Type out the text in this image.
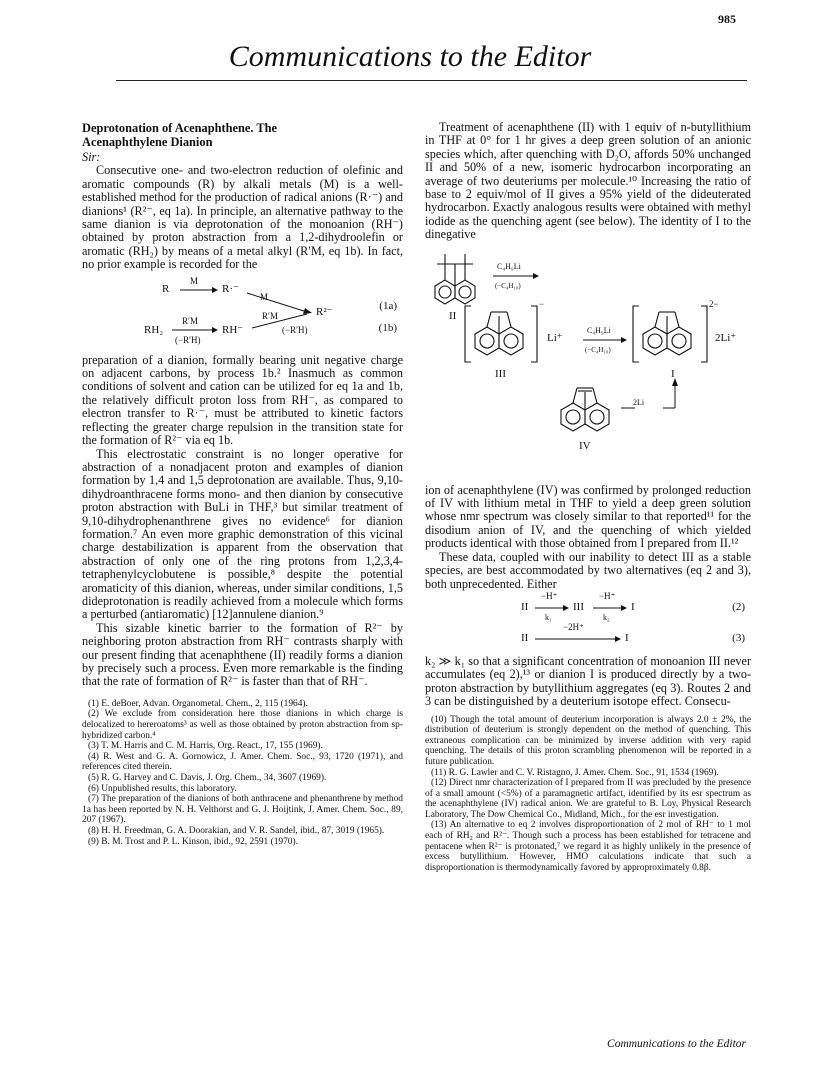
985
Communications to the Editor
Deprotonation of Acenaphthene. The
Acenaphthylene Dianion
Sir:

Consecutive one- and two-electron reduction of olefinic and aromatic compounds (R) by alkali metals (M) is a well-established method for the production of radical anions (R·⁻) and dianions¹ (R²⁻, eq 1a). In principle, an alternative pathway to the same dianion is via deprotonation of the monoanion (RH⁻) obtained by proton abstraction from a 1,2-dihydroolefin or aromatic (RH₂) by means of a metal alkyl (R′M, eq 1b). In fact, no prior example is recorded for the

R
M
R·⁻
M
R²⁻	(1a)
RH₂
R′M
(−R′H)
RH⁻
R′M
(−R′H)	(1b)

preparation of a dianion, formally bearing unit negative charge on adjacent carbons, by process 1b.² Inasmuch as common conditions of solvent and cation can be utilized for eq 1a and 1b, the relatively difficult proton loss from RH⁻, as compared to electron transfer to R·⁻, must be attributed to kinetic factors reflecting the greater charge repulsion in the transition state for the formation of R²⁻ via eq 1b.

This electrostatic constraint is no longer operative for abstraction of a nonadjacent proton and examples of dianion formation by 1,4 and 1,5 deprotonation are available. Thus, 9,10-dihydroanthracene forms mono- and then dianion by consecutive proton abstraction with BuLi in THF,³ but similar treatment of 9,10-dihydrophenanthrene gives no evidence⁶ for dianion formation.⁷ An even more graphic demonstration of this vicinal charge destabilization is apparent from the observation that abstraction of only one of the ring protons from 1,2,3,4-tetraphenylcyclobutene is possible,⁸ despite the potential aromaticity of this dianion, whereas, under similar conditions, 1,5 dideprotonation is readily achieved from a molecule which forms a perturbed (antiaromatic) [12]annulene dianion.⁹

This sizable kinetic barrier to the formation of R²⁻ by neighboring proton abstraction from RH⁻ contrasts sharply with our present finding that acenaphthene (II) readily forms a dianion by precisely such a process. Even more remarkable is the finding that the rate of formation of R²⁻ is faster than that of RH⁻.

(1) E. deBoer, Advan. Organometal. Chem., 2, 115 (1964).
(2) We exclude from consideration here those dianions in which charge is delocalized to hereroatoms³ as well as those obtained by proton abstraction from sp-hybridized carbon.⁴
(3) T. M. Harris and C. M. Harris, Org. React., 17, 155 (1969).
(4) R. West and G. A. Gornowicz, J. Amer. Chem. Soc., 93, 1720 (1971), and references cited therein.
(5) R. G. Harvey and C. Davis, J. Org. Chem., 34, 3607 (1969).
(6) Unpublished results, this laboratory.
(7) The preparation of the dianions of both anthracene and phenanthrene by method 1a has been reported by N. H. Velthorst and G. J. Hoijtink, J. Amer. Chem. Soc., 89, 207 (1967).
(8) H. H. Freedman, G. A. Doorakian, and V. R. Sandel, ibid., 87, 3019 (1965).
(9) B. M. Trost and P. L. Kinson, ibid., 92, 2591 (1970).

Treatment of acenaphthene (II) with 1 equiv of n-butyllithium in THF at 0° for 1 hr gives a deep green solution of an anionic species which, after quenching with D₂O, affords 50% unchanged II and 50% of a new, isomeric hydrocarbon incorporating an average of two deuteriums per molecule.¹⁰ Increasing the ratio of base to 2 equiv/mol of II gives a 95% yield of the dideuterated hydrocarbon. Exactly analogous results were obtained with methyl iodide as the quenching agent (see below). The identity of I to the dinegative

C₄H₉Li
(−C₄H₁₀)
II
−
Li⁺
C₄H₉Li
(−C₄H₁₀)
2−
2Li⁺
III	I
2Li
IV

ion of acenaphthylene (IV) was confirmed by prolonged reduction of IV with lithium metal in THF to yield a deep green solution whose nmr spectrum was closely similar to that reported¹¹ for the disodium anion of IV, and the quenching of which yielded products identical with those obtained from I prepared from II.¹²

These data, coupled with our inability to detect III as a stable species, are best accommodated by two alternatives (eq 2 and 3), both unprecedented. Either

II
−H⁺
k₁
III
−H⁺
k₂
I	(2)
II
−2H⁺
I	(3)

k₂ ≫ k₁ so that a significant concentration of monoanion III never accumulates (eq 2),¹³ or dianion I is produced directly by a two-proton abstraction by butyllithium aggregates (eq 3). Routes 2 and 3 can be distinguished by a deuterium isotope effect. Consecu-

(10) Though the total amount of deuterium incorporation is always 2.0 ± 2%, the distribution of deuterium is strongly dependent on the method of quenching. This extraneous complication can be minimized by inverse addition with very rapid quenching. The details of this proton scrambling phenomenon will be reported in a future publication.
(11) R. G. Lawler and C. V. Ristagno, J. Amer. Chem. Soc., 91, 1534 (1969).
(12) Direct nmr characterization of I prepared from II was precluded by the presence of a small amount (<5%) of a paramagnetic artifact, identified by its esr spectrum as the acenaphthylene (IV) radical anion. We are grateful to B. Loy, Physical Research Laboratory, The Dow Chemical Co., Midland, Mich., for the esr investigation.
(13) An alternative to eq 2 involves disproportionation of 2 mol of RH⁻ to 1 mol each of RH₂ and R²⁻. Though such a process has been established for tetracene and pentacene when R²⁻ is protonated,⁷ we regard it as highly unlikely in the presence of excess butyllithium. However, HMO calculations indicate that such a disproportionation is thermodynamically favored by approproximately 0.8β.
Communications to the Editor
